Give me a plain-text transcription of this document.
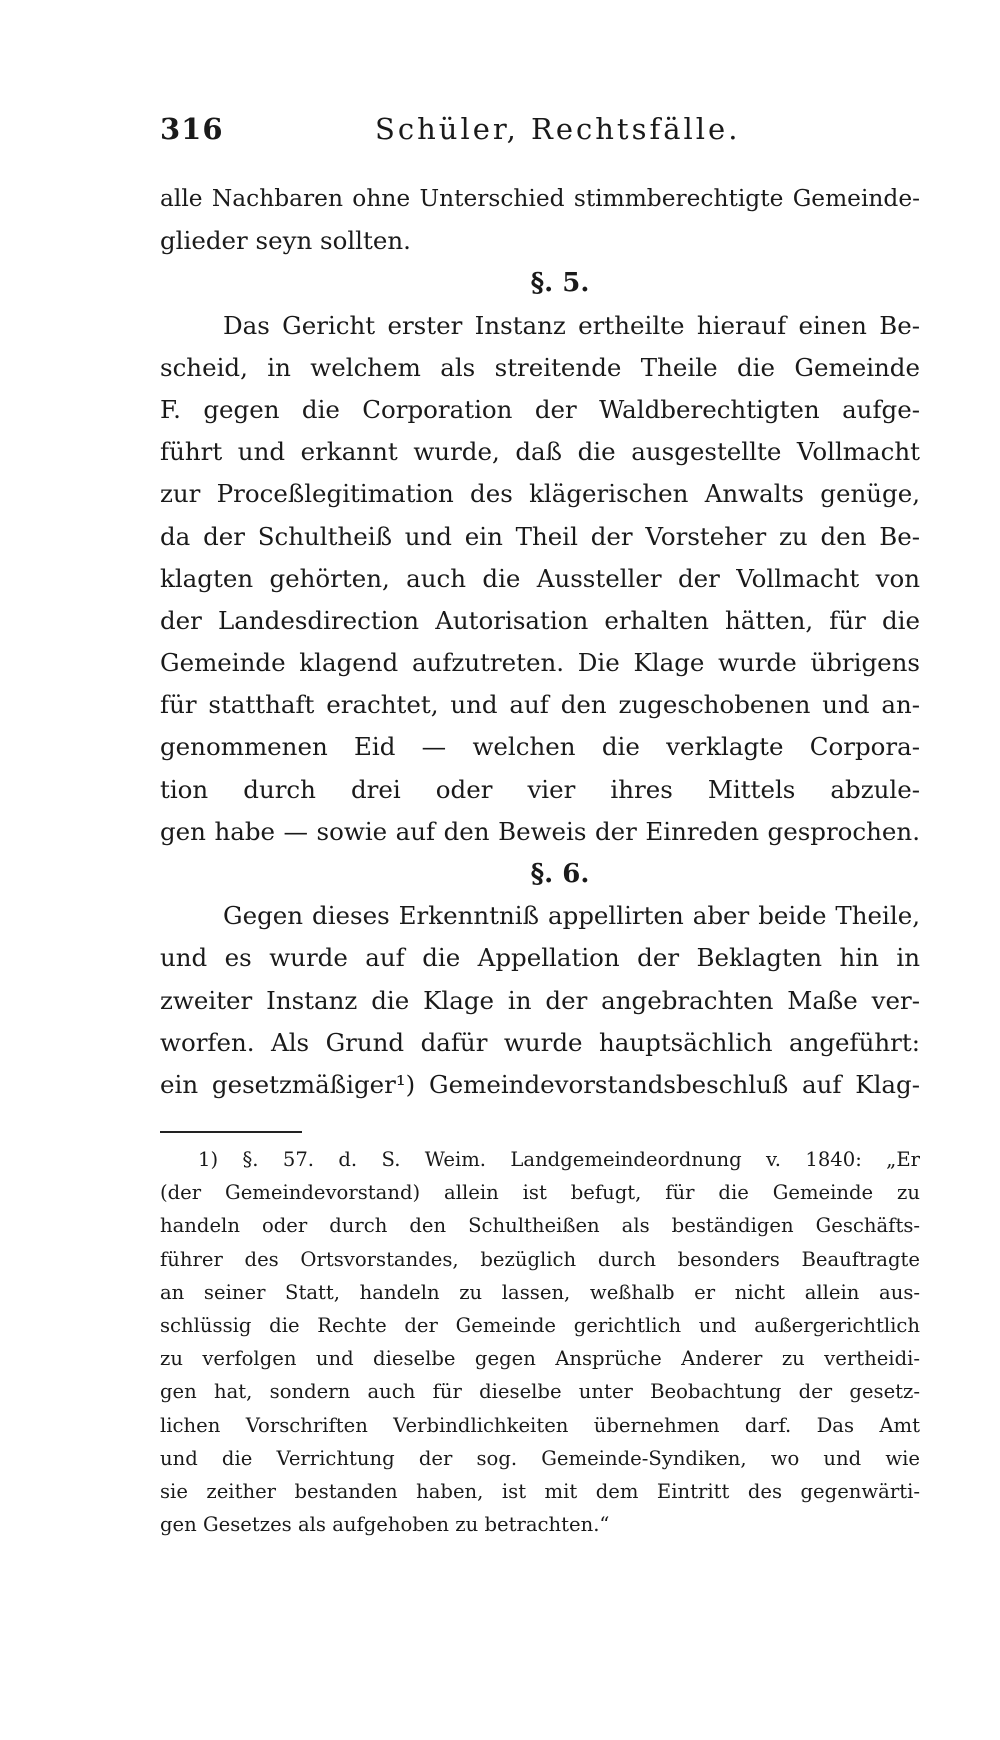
316	Schüler, Rechtsfälle.
alle Nachbaren ohne Unterschied stimmberechtigte Gemeinde-
glieder seyn sollten.
§. 5.
Das Gericht erster Instanz ertheilte hierauf einen Be-
scheid, in welchem als streitende Theile die Gemeinde
F. gegen die Corporation der Waldberechtigten aufge-
führt und erkannt wurde, daß die ausgestellte Vollmacht
zur Proceßlegitimation des klägerischen Anwalts genüge,
da der Schultheiß und ein Theil der Vorsteher zu den Be-
klagten gehörten, auch die Aussteller der Vollmacht von
der Landesdirection Autorisation erhalten hätten, für die
Gemeinde klagend aufzutreten. Die Klage wurde übrigens
für statthaft erachtet, und auf den zugeschobenen und an-
genommenen Eid — welchen die verklagte Corpora-
tion durch drei oder vier ihres Mittels abzule-
gen habe — sowie auf den Beweis der Einreden gesprochen.
§. 6.
Gegen dieses Erkenntniß appellirten aber beide Theile,
und es wurde auf die Appellation der Beklagten hin in
zweiter Instanz die Klage in der angebrachten Maße ver-
worfen. Als Grund dafür wurde hauptsächlich angeführt:
ein gesetzmäßiger¹) Gemeindevorstandsbeschluß auf Klag-
1) §. 57. d. S. Weim. Landgemeindeordnung v. 1840: „Er
(der Gemeindevorstand) allein ist befugt, für die Gemeinde zu
handeln oder durch den Schultheißen als beständigen Geschäfts-
führer des Ortsvorstandes, bezüglich durch besonders Beauftragte
an seiner Statt, handeln zu lassen, weßhalb er nicht allein aus-
schlüssig die Rechte der Gemeinde gerichtlich und außergerichtlich
zu verfolgen und dieselbe gegen Ansprüche Anderer zu vertheidi-
gen hat, sondern auch für dieselbe unter Beobachtung der gesetz-
lichen Vorschriften Verbindlichkeiten übernehmen darf. Das Amt
und die Verrichtung der sog. Gemeinde-Syndiken, wo und wie
sie zeither bestanden haben, ist mit dem Eintritt des gegenwärti-
gen Gesetzes als aufgehoben zu betrachten.“
